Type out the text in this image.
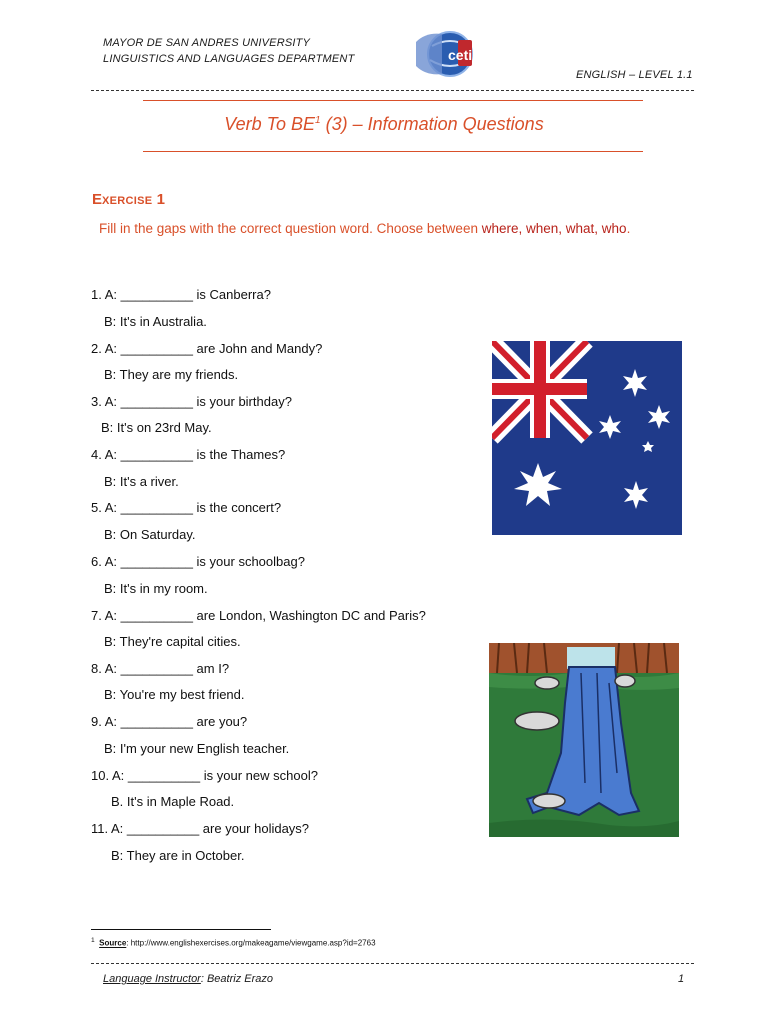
MAYOR DE SAN ANDRES UNIVERSITY
LINGUISTICS AND LANGUAGES DEPARTMENT	ceti
ENGLISH – LEVEL 1.1
Verb To $BE^1$ (3) – Information Questions
EXERCISE 1
Fill in the gaps with the correct question word. Choose between where, when, what, who.
1. A: __________ is Canberra?
B: It's in Australia.
2. A: __________ are John and Mandy?
B: They are my friends.
3. A: __________ is your birthday?
B: It's on 23rd May.
4. A: __________ is the Thames?
B: It's a river.
5. A: __________ is the concert?
B: On Saturday.
6. A: __________ is your schoolbag?
B: It's in my room.
7. A: __________ are London, Washington DC and Paris?
B: They're capital cities.
8. A: __________ am I?
B: You're my best friend.
9. A: __________ are you?
B: I'm your new English teacher.
10. A: __________ is your new school?
B. It's in Maple Road.
11. A: __________ are your holidays?
B: They are in October.
$^1$ Source: http://www.englishexercises.org/makeagame/viewgame.asp?id=2763
Language Instructor: Beatriz Erazo	1
